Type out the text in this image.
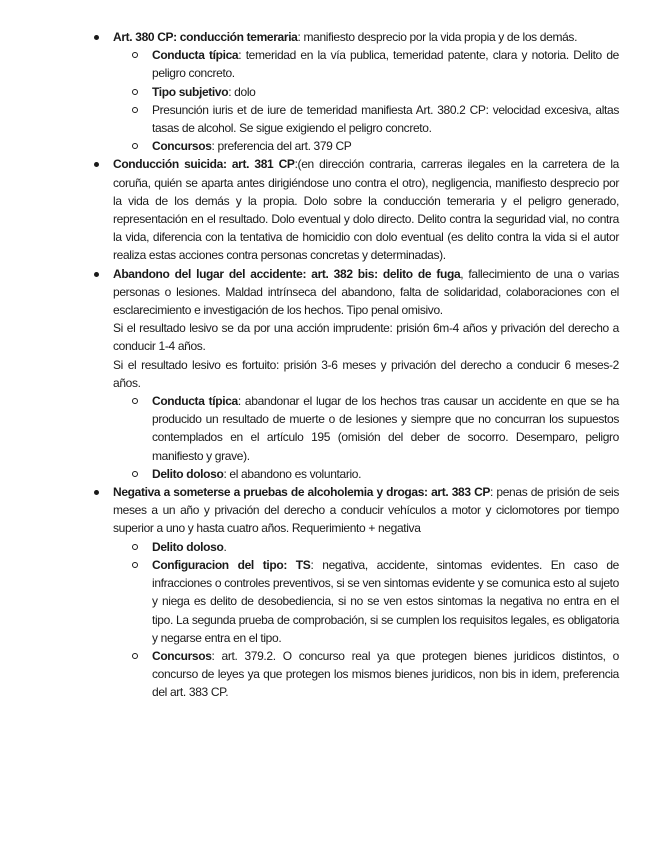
Art. 380 CP: conducción temeraria: manifiesto desprecio por la vida propia y de los demás.

Conducta típica: temeridad en la vía publica, temeridad patente, clara y notoria. Delito de peligro concreto.

Tipo subjetivo: dolo

Presunción iuris et de iure de temeridad manifiesta Art. 380.2 CP: velocidad excesiva, altas tasas de alcohol. Se sigue exigiendo el peligro concreto.

Concursos: preferencia del art. 379 CP

Conducción suicida: art. 381 CP:(en dirección contraria, carreras ilegales en la carretera de la coruña, quién se aparta antes dirigiéndose uno contra el otro), negligencia, manifiesto desprecio por la vida de los demás y la propia. Dolo sobre la conducción temeraria y el peligro generado, representación en el resultado. Dolo eventual y dolo directo. Delito contra la seguridad vial, no contra la vida, diferencia con la tentativa de homicidio con dolo eventual (es delito contra la vida si el autor realiza estas acciones contra personas concretas y determinadas).

Abandono del lugar del accidente: art. 382 bis: delito de fuga, fallecimiento de una o varias personas o lesiones. Maldad intrínseca del abandono, falta de solidaridad, colaboraciones con el esclarecimiento e investigación de los hechos. Tipo penal omisivo.

Si el resultado lesivo se da por una acción imprudente: prisión 6m-4 años y privación del derecho a conducir 1-4 años.

Si el resultado lesivo es fortuito: prisión 3-6 meses y privación del derecho a conducir 6 meses-2 años.

Conducta típica: abandonar el lugar de los hechos tras causar un accidente en que se ha producido un resultado de muerte o de lesiones y siempre que no concurran los supuestos contemplados en el artículo 195 (omisión del deber de socorro. Desemparo, peligro manifiesto y grave).

Delito doloso: el abandono es voluntario.

Negativa a someterse a pruebas de alcoholemia y drogas: art. 383 CP: penas de prisión de seis meses a un año y privación del derecho a conducir vehículos a motor y ciclomotores por tiempo superior a uno y hasta cuatro años. Requerimiento + negativa

Delito doloso.

Configuracion del tipo: TS: negativa, accidente, sintomas evidentes. En caso de infracciones o controles preventivos, si se ven sintomas evidente y se comunica esto al sujeto y niega es delito de desobediencia, si no se ven estos sintomas la negativa no entra en el tipo. La segunda prueba de comprobación, si se cumplen los requisitos legales, es obligatoria y negarse entra en el tipo.

Concursos: art. 379.2. O concurso real ya que protegen bienes juridicos distintos, o concurso de leyes ya que protegen los mismos bienes juridicos, non bis in idem, preferencia del art. 383 CP.
